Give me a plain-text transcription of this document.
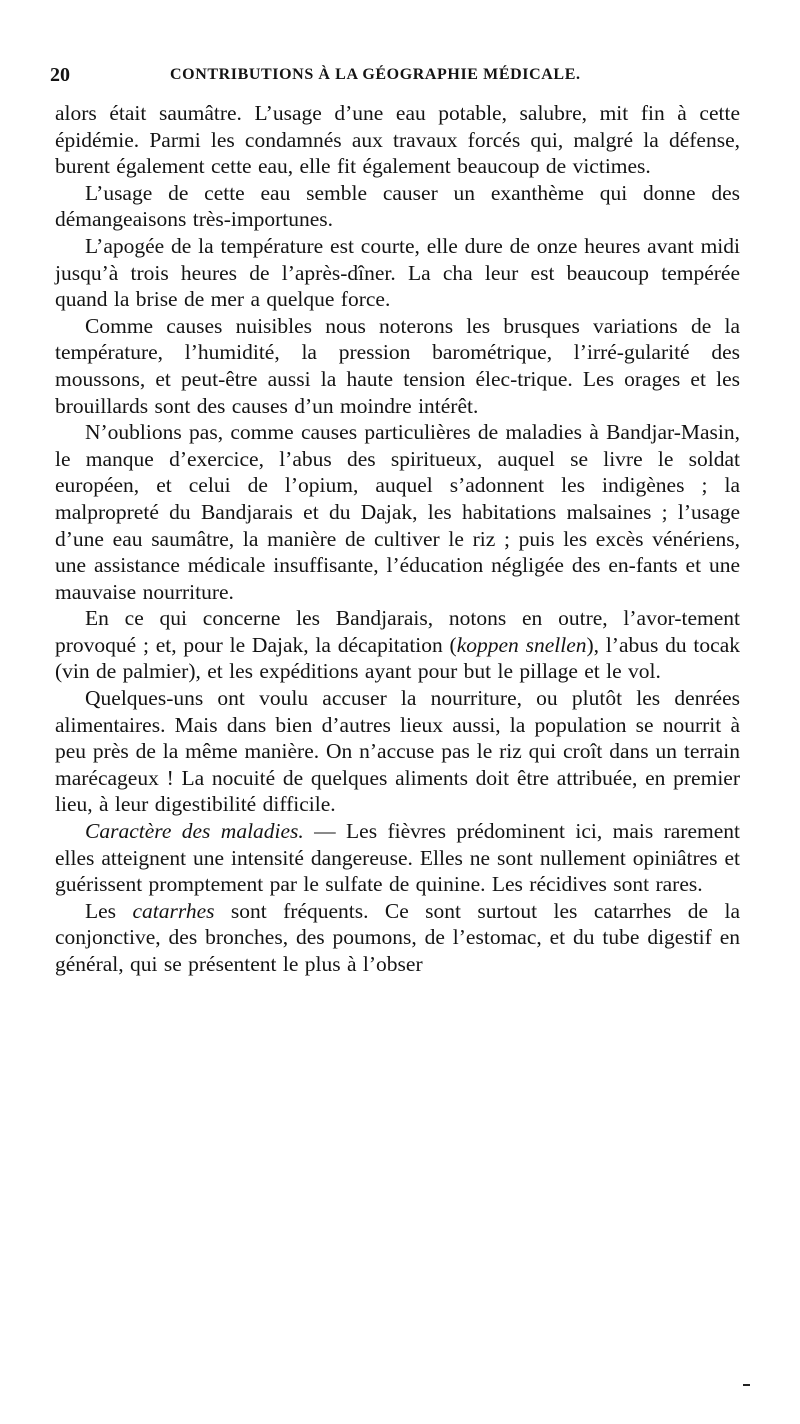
20	CONTRIBUTIONS À LA GÉOGRAPHIE MÉDICALE.

alors était saumâtre. L’usage d’une eau potable, salubre, mit fin à cette épidémie. Parmi les condamnés aux travaux forcés qui, malgré la défense, burent également cette eau, elle fit également beaucoup de victimes.

L’usage de cette eau semble causer un exanthème qui donne des démangeaisons très-importunes.

L’apogée de la température est courte, elle dure de onze heures avant midi jusqu’à trois heures de l’après-dîner. La cha leur est beaucoup tempérée quand la brise de mer a quelque force.

Comme causes nuisibles nous noterons les brusques variations de la température, l’humidité, la pression barométrique, l’irré-gularité des moussons, et peut-être aussi la haute tension élec-trique. Les orages et les brouillards sont des causes d’un moindre intérêt.

N’oublions pas, comme causes particulières de maladies à Bandjar-Masin, le manque d’exercice, l’abus des spiritueux, auquel se livre le soldat européen, et celui de l’opium, auquel s’adonnent les indigènes ; la malpropreté du Bandjarais et du Dajak, les habitations malsaines ; l’usage d’une eau saumâtre, la manière de cultiver le riz ; puis les excès vénériens, une assistance médicale insuffisante, l’éducation négligée des en-fants et une mauvaise nourriture.

En ce qui concerne les Bandjarais, notons en outre, l’avor-tement provoqué ; et, pour le Dajak, la décapitation (koppen snellen), l’abus du tocak (vin de palmier), et les expéditions ayant pour but le pillage et le vol.

Quelques-uns ont voulu accuser la nourriture, ou plutôt les denrées alimentaires. Mais dans bien d’autres lieux aussi, la population se nourrit à peu près de la même manière. On n’accuse pas le riz qui croît dans un terrain marécageux ! La nocuité de quelques aliments doit être attribuée, en premier lieu, à leur digestibilité difficile.

Caractère des maladies. — Les fièvres prédominent ici, mais rarement elles atteignent une intensité dangereuse. Elles ne sont nullement opiniâtres et guérissent promptement par le sulfate de quinine. Les récidives sont rares.

Les catarrhes sont fréquents. Ce sont surtout les catarrhes de la conjonctive, des bronches, des poumons, de l’estomac, et du tube digestif en général, qui se présentent le plus à l’obser
